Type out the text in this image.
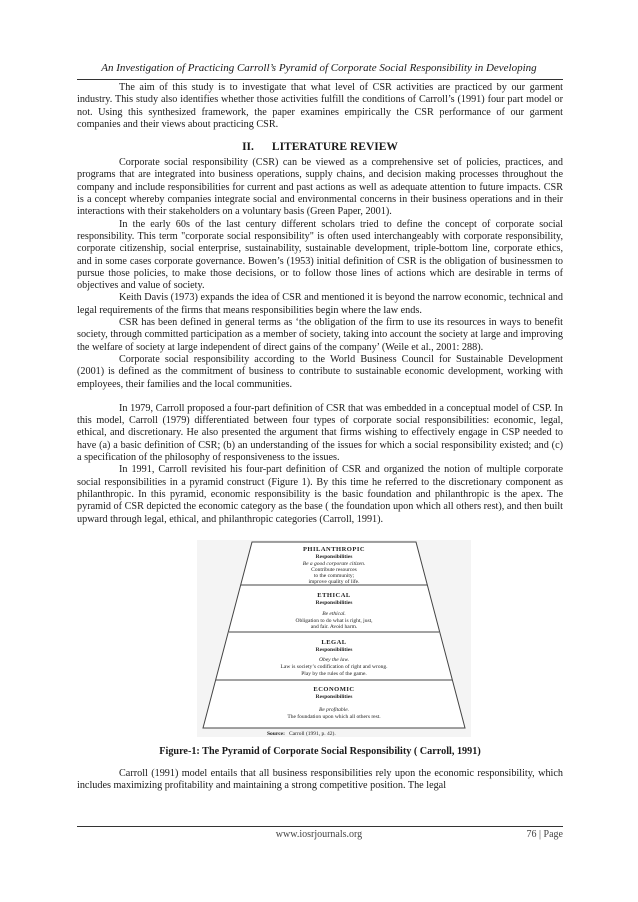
An Investigation of Practicing Carroll’s Pyramid of Corporate Social Responsibility in Developing

The aim of this study is to investigate that what level of CSR activities are practiced by our garment industry. This study also identifies whether those activities fulfill the conditions of Carroll’s (1991) four part model or not. Using this synthesized framework, the paper examines empirically the CSR performance of our garment companies and their views about practicing CSR.

II. LITERATURE REVIEW

Corporate social responsibility (CSR) can be viewed as a comprehensive set of policies, practices, and programs that are integrated into business operations, supply chains, and decision making processes throughout the company and include responsibilities for current and past actions as well as adequate attention to future impacts. CSR is a concept whereby companies integrate social and environmental concerns in their business operations and in their interactions with their stakeholders on a voluntary basis (Green Paper, 2001).

In the early 60s of the last century different scholars tried to define the concept of corporate social responsibility. This term "corporate social responsibility" is often used interchangeably with corporate responsibility, corporate citizenship, social enterprise, sustainability, sustainable development, triple-bottom line, corporate ethics, and in some cases corporate governance. Bowen’s (1953) initial definition of CSR is the obligation of businessmen to pursue those policies, to make those decisions, or to follow those lines of actions which are desirable in terms of objectives and value of society.

Keith Davis (1973) expands the idea of CSR and mentioned it is beyond the narrow economic, technical and legal requirements of the firms that means responsibilities begin where the law ends.

CSR has been defined in general terms as ‘the obligation of the firm to use its resources in ways to benefit society, through committed participation as a member of society, taking into account the society at large and improving the welfare of society at large independent of direct gains of the company’ (Weile et al., 2001: 288).

Corporate social responsibility according to the World Business Council for Sustainable Development (2001) is defined as the commitment of business to contribute to sustainable economic development, working with employees, their families and the local communities.

In 1979, Carroll proposed a four-part definition of CSR that was embedded in a conceptual model of CSP. In this model, Carroll (1979) differentiated between four types of corporate social responsibilities: economic, legal, ethical, and discretionary. He also presented the argument that firms wishing to effectively engage in CSP needed to have (a) a basic definition of CSR; (b) an understanding of the issues for which a social responsibility existed; and (c) a specification of the philosophy of responsiveness to the issues.

In 1991, Carroll revisited his four-part definition of CSR and organized the notion of multiple corporate social responsibilities in a pyramid construct (Figure 1). By this time he referred to the discretionary component as philanthropic. In this pyramid, economic responsibility is the basic foundation and philanthropic is the apex. The pyramid of CSR depicted the economic category as the base ( the foundation upon which all others rest), and then built upward through legal, ethical, and philanthropic categories (Carroll, 1991).

PHILANTHROPIC
Responsibilities
Be a good corporate citizen.
Contribute resources
to the community;
improve quality of life.
ETHICAL
Responsibilities
Be ethical.
Obligation to do what is right, just,
and fair. Avoid harm.
LEGAL
Responsibilities
Obey the law.
Law is society’s codification of right and wrong.
Play by the rules of the game.
ECONOMIC
Responsibilities
Be profitable.
The foundation upon which all others rest.
Source: Carroll (1991, p. 42).
Figure-1: The Pyramid of Corporate Social Responsibility ( Carroll, 1991)

Carroll (1991) model entails that all business responsibilities rely upon the economic responsibility, which includes maximizing profitability and maintaining a strong competitive position. The legal

www.iosrjournals.org	76 | Page
